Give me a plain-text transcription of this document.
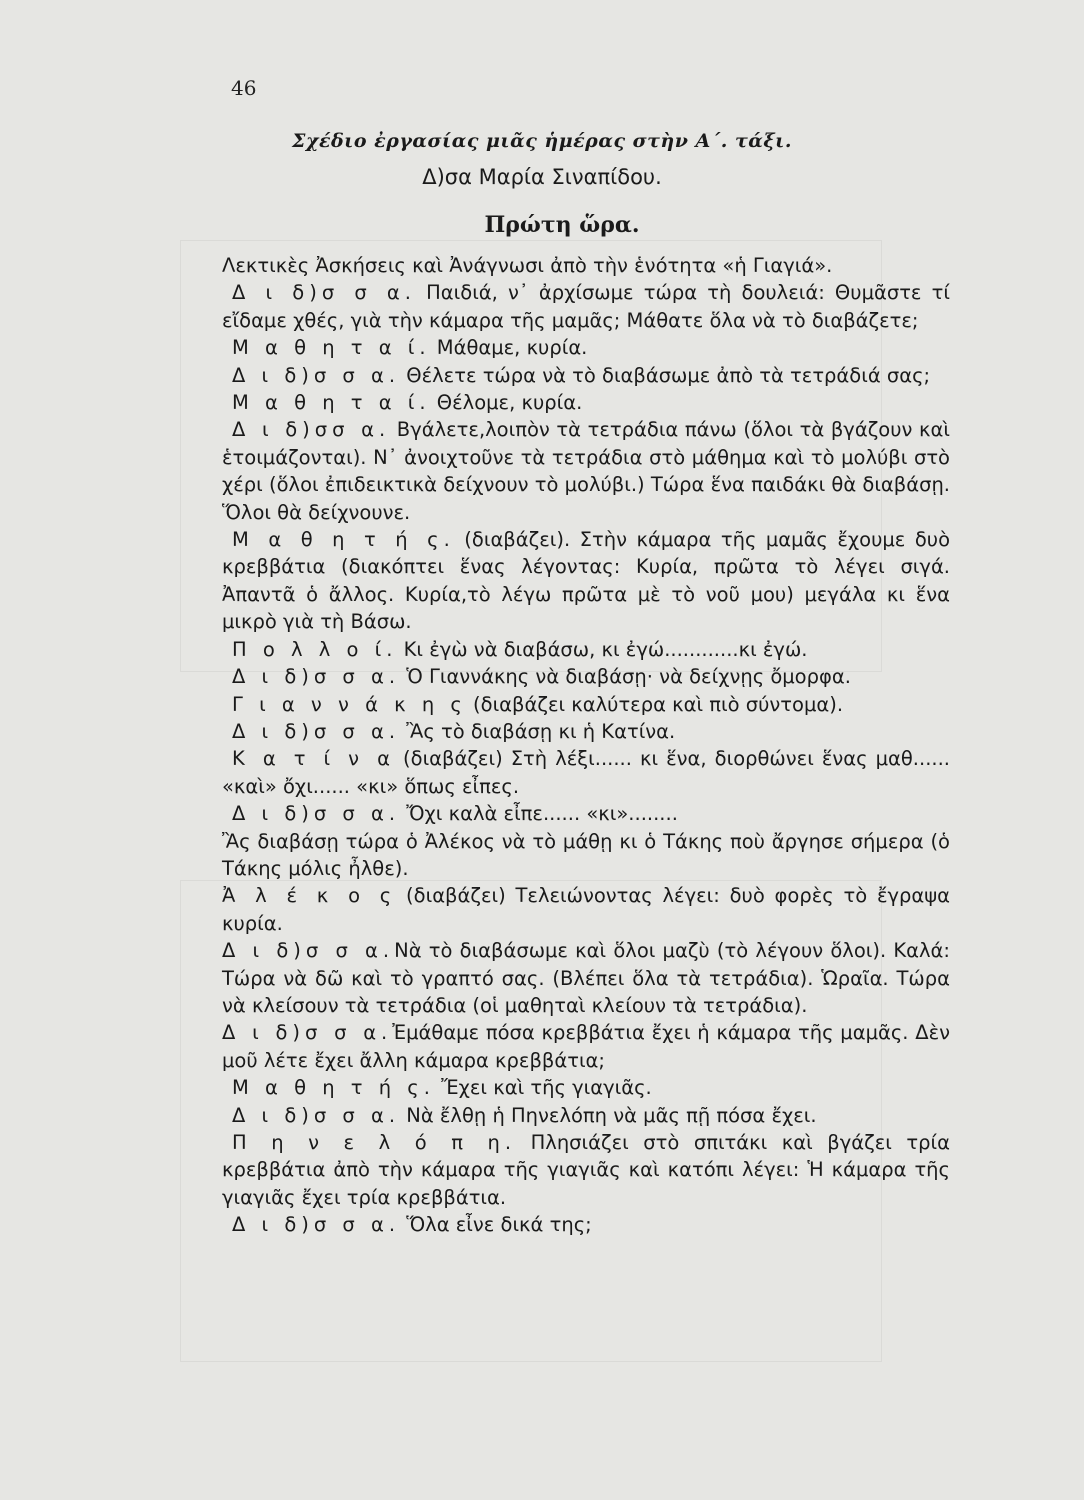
46
Σχέδιο ἐργασίας μιᾶς ἡμέρας στὴν Α΄. τάξι.
Δ)σα Μαρία Σιναπίδου.
Πρώτη ὥρα.

Λεκτικὲς Ἀσκήσεις καὶ Ἀνάγνωσι ἀπὸ τὴν ἑνότητα «ἡ Γιαγιά».

Δ ι δ)σ σ α. Παιδιά, ν᾿ ἀρχίσωμε τώρα τὴ δουλειά: Θυμᾶστε τί εἴδαμε χθές, γιὰ τὴν κάμαρα τῆς μαμᾶς; Μάθατε ὅλα νὰ τὸ διαβάζετε;

Μ α θ η τ α ί. Μάθαμε, κυρία.

Δ ι δ)σ σ α. Θέλετε τώρα νὰ τὸ διαβάσωμε ἀπὸ τὰ τετράδιά σας;

Μ α θ η τ α ί. Θέλομε, κυρία.

Δ ι δ)σσ α. Βγάλετε,λοιπὸν τὰ τετράδια πάνω (ὅλοι τὰ βγάζουν καὶ ἑτοιμάζονται). Ν᾿ ἀνοιχτοῦνε τὰ τετράδια στὸ μάθημα καὶ τὸ μολύβι στὸ χέρι (ὅλοι ἐπιδεικτικὰ δείχνουν τὸ μολύβι.) Τώρα ἕνα παιδάκι θὰ διαβάσῃ. Ὅλοι θὰ δείχνουνε.

Μ α θ η τ ή ς. (διαβάζει). Στὴν κάμαρα τῆς μαμᾶς ἔχουμε δυὸ κρεββάτια (διακόπτει ἕνας λέγοντας: Κυρία, πρῶτα τὸ λέγει σιγά. Ἀπαντᾶ ὁ ἄλλος. Κυρία,τὸ λέγω πρῶτα μὲ τὸ νοῦ μου) μεγάλα κι ἕνα μικρὸ γιὰ τὴ Βάσω.

Π ο λ λ ο ί. Κι ἐγὼ νὰ διαβάσω, κι ἐγώ............κι ἐγώ.

Δ ι δ)σ σ α. Ὁ Γιαννάκης νὰ διαβάσῃ· νὰ δείχνῃς ὄμορφα.

Γ ι α ν ν ά κ η ς (διαβάζει καλύτερα καὶ πιὸ σύντομα).

Δ ι δ)σ σ α. Ἂς τὸ διαβάσῃ κι ἡ Κατίνα.

Κ α τ ί ν α (διαβάζει) Στὴ λέξι...... κι ἕνα, διορθώνει ἕνας μαθ...... «καὶ» ὄχι...... «κι» ὅπως εἶπες.

Δ ι δ)σ σ α. Ὄχι καλὰ εἶπε...... «κι»........

Ἂς διαβάσῃ τώρα ὁ Ἀλέκος νὰ τὸ μάθῃ κι ὁ Τάκης ποὺ ἄργησε σήμερα (ὁ Τάκης μόλις ἦλθε).

Ἀ λ έ κ ο ς (διαβάζει) Τελειώνοντας λέγει: δυὸ φορὲς τὸ ἔγραψα κυρία.

Δ ι δ)σ σ α.Νὰ τὸ διαβάσωμε καὶ ὅλοι μαζὺ (τὸ λέγουν ὅλοι). Καλά: Τώρα νὰ δῶ καὶ τὸ γραπτό σας. (Βλέπει ὅλα τὰ τετράδια). Ὡραῖα. Τώρα νὰ κλείσουν τὰ τετράδια (οἱ μαθηταὶ κλείουν τὰ τετράδια).

Δ ι δ)σ σ α.Ἐμάθαμε πόσα κρεββάτια ἔχει ἡ κάμαρα τῆς μαμᾶς. Δὲν μοῦ λέτε ἔχει ἄλλη κάμαρα κρεββάτια;

Μ α θ η τ ή ς. Ἔχει καὶ τῆς γιαγιᾶς.

Δ ι δ)σ σ α. Νὰ ἔλθῃ ἡ Πηνελόπη νὰ μᾶς πῇ πόσα ἔχει.

Π η ν ε λ ό π η. Πλησιάζει στὸ σπιτάκι καὶ βγάζει τρία κρεββάτια ἀπὸ τὴν κάμαρα τῆς γιαγιᾶς καὶ κατόπι λέγει: Ἡ κάμαρα τῆς γιαγιᾶς ἔχει τρία κρεββάτια.

Δ ι δ)σ σ α. Ὅλα εἶνε δικά της;
